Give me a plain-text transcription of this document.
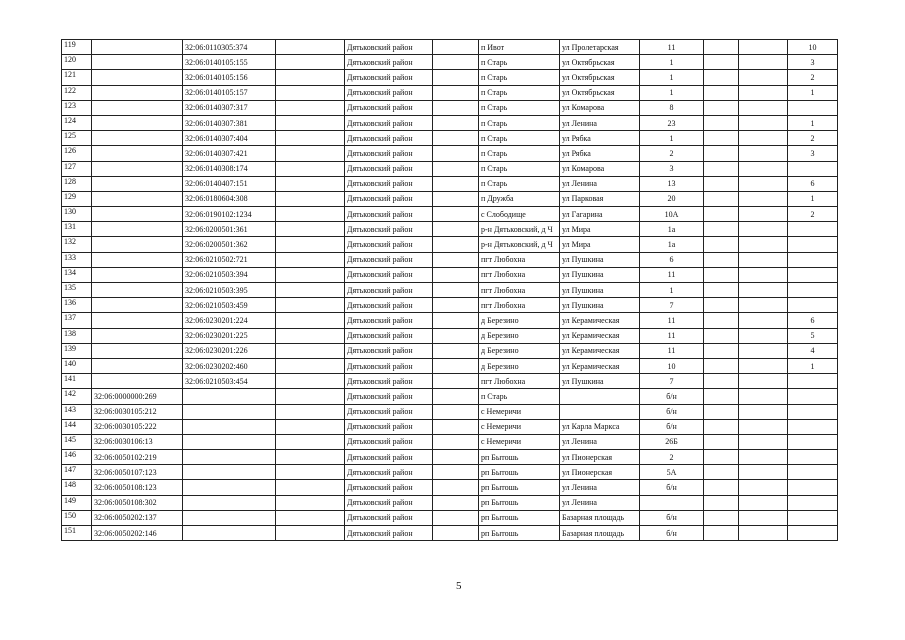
119		32:06:0110305:374		Дятьковский район		п Ивот	ул Пролетарская	11			10
120		32:06:0140105:155		Дятьковский район		п Старь	ул Октябрьская	1			3
121		32:06:0140105:156		Дятьковский район		п Старь	ул Октябрьская	1			2
122		32:06:0140105:157		Дятьковский район		п Старь	ул Октябрьская	1			1
123		32:06:0140307:317		Дятьковский район		п Старь	ул Комарова	8			
124		32:06:0140307:381		Дятьковский район		п Старь	ул Ленина	23			1
125		32:06:0140307:404		Дятьковский район		п Старь	ул Рябка	1			2
126		32:06:0140307:421		Дятьковский район		п Старь	ул Рябка	2			3
127		32:06:0140308:174		Дятьковский район		п Старь	ул Комарова	3			
128		32:06:0140407:151		Дятьковский район		п Старь	ул Ленина	13			6
129		32:06:0180604:308		Дятьковский район		п Дружба	ул Парковая	20			1
130		32:06:0190102:1234		Дятьковский район		с Слободище	ул Гагарина	10А			2
131		32:06:0200501:361		Дятьковский район		р-н Дятьковский, д Ч	ул Мира	1а			
132		32:06:0200501:362		Дятьковский район		р-н Дятьковский, д Ч	ул Мира	1а			
133		32:06:0210502:721		Дятьковский район		пгт Любохна	ул Пушкина	6			
134		32:06:0210503:394		Дятьковский район		пгт Любохна	ул Пушкина	11			
135		32:06:0210503:395		Дятьковский район		пгт Любохна	ул Пушкина	1			
136		32:06:0210503:459		Дятьковский район		пгт Любохна	ул Пушкина	7			
137		32:06:0230201:224		Дятьковский район		д Березино	ул Керамическая	11			6
138		32:06:0230201:225		Дятьковский район		д Березино	ул Керамическая	11			5
139		32:06:0230201:226		Дятьковский район		д Березино	ул Керамическая	11			4
140		32:06:0230202:460		Дятьковский район		д Березино	ул Керамическая	10			1
141		32:06:0210503:454		Дятьковский район		пгт Любохна	ул Пушкина	7			
142	32:06:0000000:269			Дятьковский район		п Старь		б/н			
143	32:06:0030105:212			Дятьковский район		с Немеричи		б/н			
144	32:06:0030105:222			Дятьковский район		с Немеричи	ул Карла Маркса	б/н			
145	32:06:0030106:13			Дятьковский район		с Немеричи	ул Ленина	26Б			
146	32:06:0050102:219			Дятьковский район		рп Бытошь	ул Пионерская	2			
147	32:06:0050107:123			Дятьковский район		рп Бытошь	ул Пионерская	5А			
148	32:06:0050108:123			Дятьковский район		рп Бытошь	ул Ленина	б/н			
149	32:06:0050108:302			Дятьковский район		рп Бытошь	ул Ленина				
150	32:06:0050202:137			Дятьковский район		рп Бытошь	Базарная площадь	б/н			
151	32:06:0050202:146			Дятьковский район		рп Бытошь	Базарная площадь	б/н			
5
